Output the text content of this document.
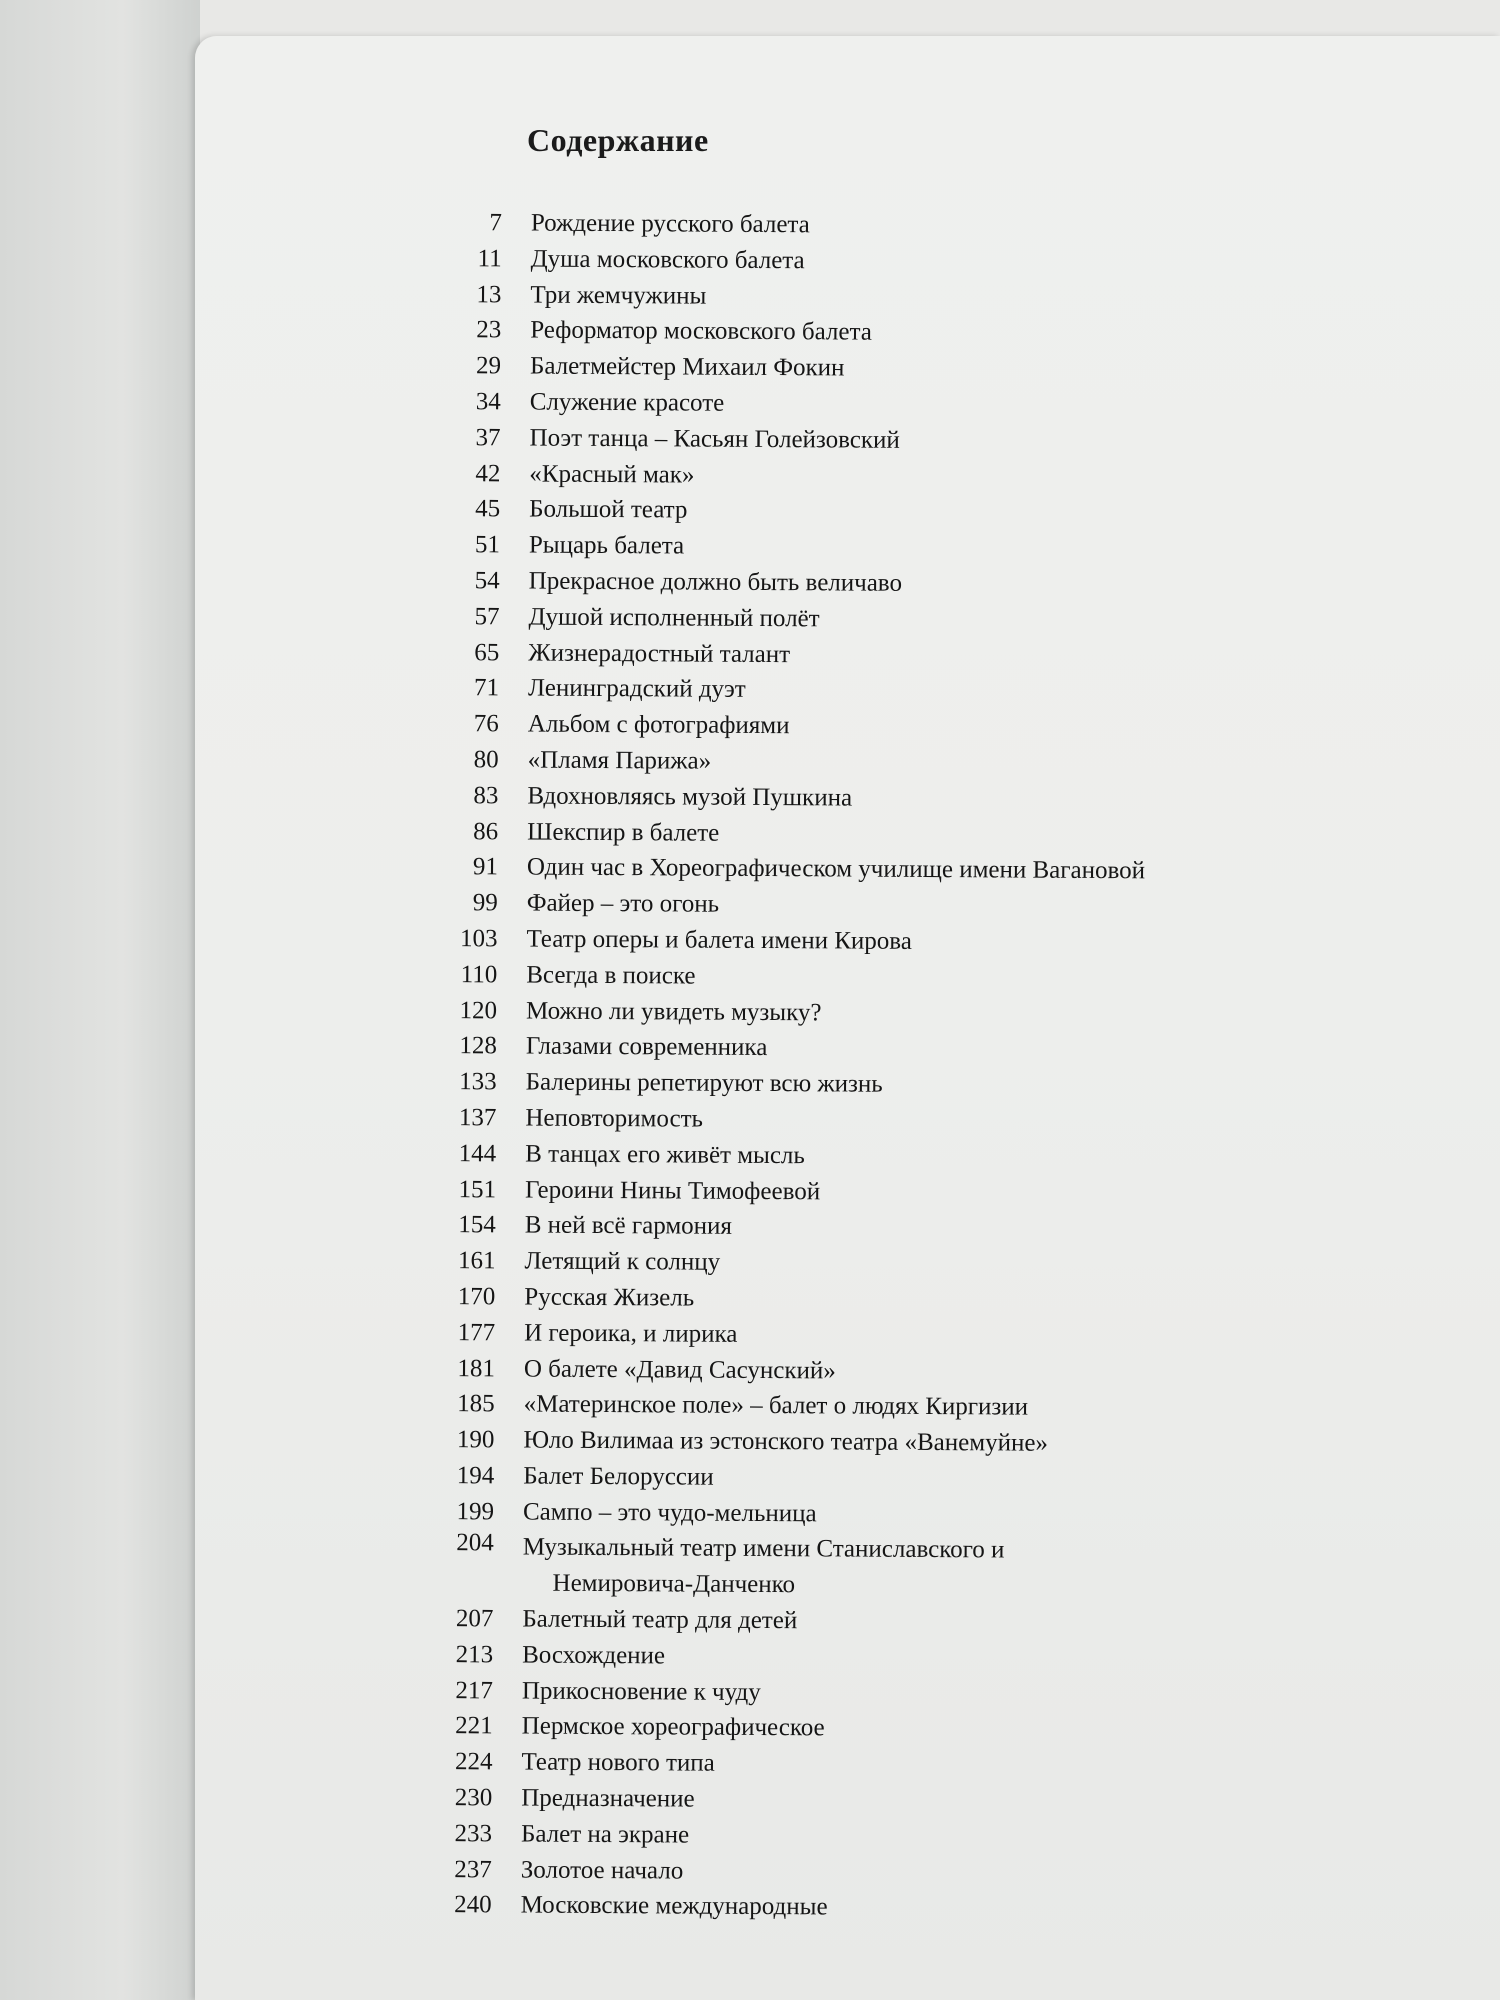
Содержание
7	Рождение русского балета
11	Душа московского балета
13	Три жемчужины
23	Реформатор московского балета
29	Балетмейстер Михаил Фокин
34	Служение красоте
37	Поэт танца – Касьян Голейзовский
42	«Красный мак»
45	Большой театр
51	Рыцарь балета
54	Прекрасное должно быть величаво
57	Душой исполненный полёт
65	Жизнерадостный талант
71	Ленинградский дуэт
76	Альбом с фотографиями
80	«Пламя Парижа»
83	Вдохновляясь музой Пушкина
86	Шекспир в балете
91	Один час в Хореографическом училище имени Вагановой
99	Файер – это огонь
103	Театр оперы и балета имени Кирова
110	Всегда в поиске
120	Можно ли увидеть музыку?
128	Глазами современника
133	Балерины репетируют всю жизнь
137	Неповторимость
144	В танцах его живёт мысль
151	Героини Нины Тимофеевой
154	В ней всё гармония
161	Летящий к солнцу
170	Русская Жизель
177	И героика, и лирика
181	О балете «Давид Сасунский»
185	«Материнское поле» – балет о людях Киргизии
190	Юло Вилимаа из эстонского театра «Ванемуйне»
194	Балет Белоруссии
199	Сампо – это чудо-мельница
204	Музыкальный театр имени Станиславского и
Немировича-Данченко
207	Балетный театр для детей
213	Восхождение
217	Прикосновение к чуду
221	Пермское хореографическое
224	Театр нового типа
230	Предназначение
233	Балет на экране
237	Золотое начало
240	Московские международные
